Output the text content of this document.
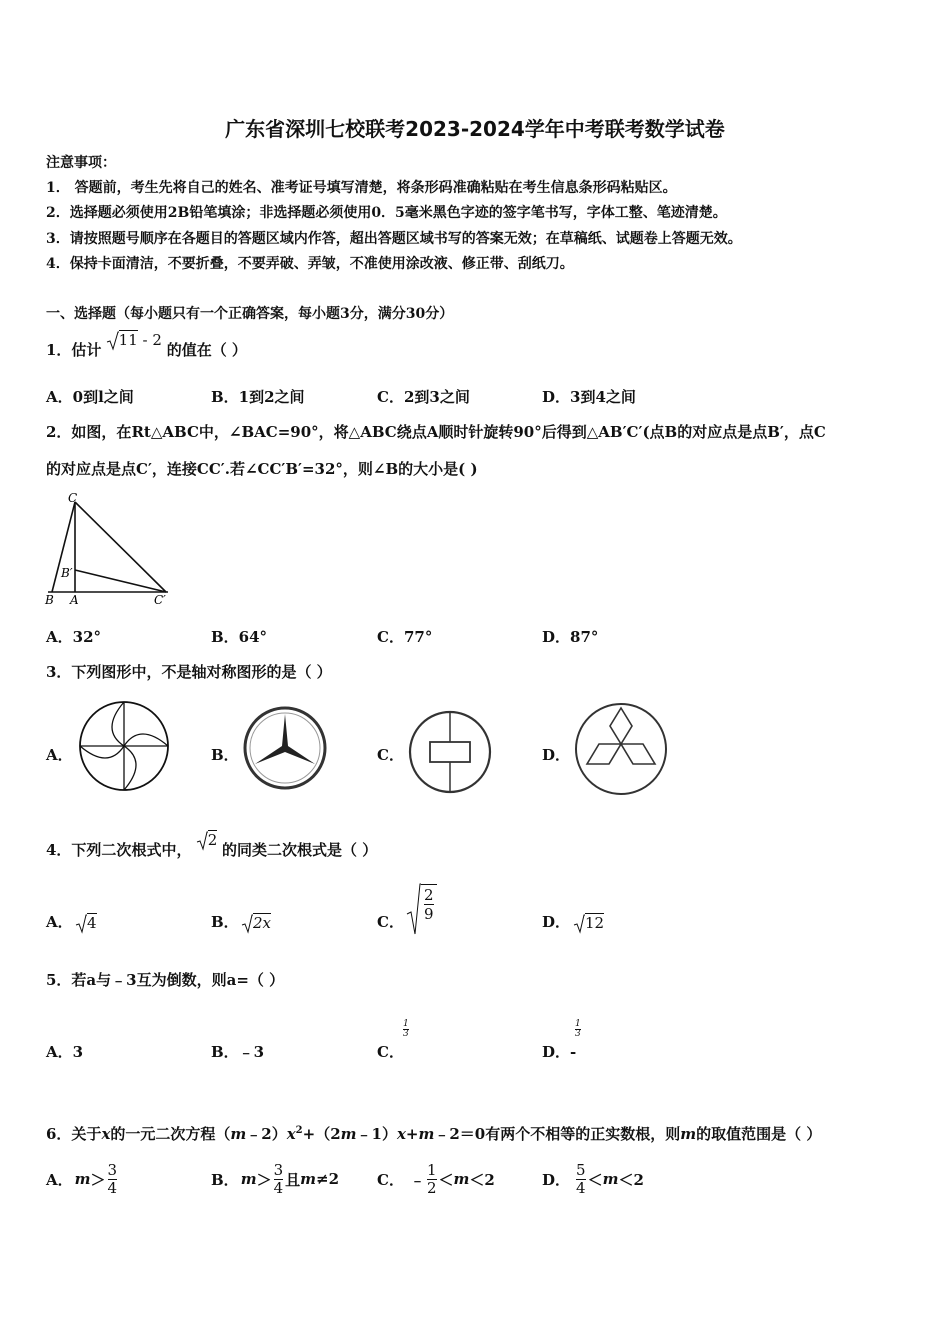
广东省深圳七校联考2023-2024学年中考联考数学试卷
注意事项：
1． 答题前，考生先将自己的姓名、准考证号填写清楚，将条形码准确粘贴在考生信息条形码粘贴区。
2．选择题必须使用2B铅笔填涂；非选择题必须使用0．5毫米黑色字迹的签字笔书写，字体工整、笔迹清楚。
3．请按照题号顺序在各题目的答题区域内作答，超出答题区域书写的答案无效；在草稿纸、试题卷上答题无效。
4．保持卡面清洁，不要折叠，不要弄破、弄皱，不准使用涂改液、修正带、刮纸刀。
一、选择题（每小题只有一个正确答案，每小题3分，满分30分）
1．估计 11 - 2 的值在（ ）
A．0到l之间	B．1到2之间	C．2到3之间	D．3到4之间
2．如图，在Rt△ABC中，∠BAC=90°，将△ABC绕点A顺时针旋转90°后得到△AB′C′(点B的对应点是点B′，点C
的对应点是点C′，连接CC′.若∠CC′B′=32°，则∠B的大小是( )
C
B′
B A	C′
A．32°	B．64°	C．77°	D．87°
3．下列图形中，不是轴对称图形的是（ ）
A．	B．	C．	D．
4．下列二次根式中， 2 的同类二次根式是（ ）
A． 4	B． 2x	C． $\frac{2}{9}$	D． 12
5．若a与﹣3互为倒数，则a=（ ）
A．3	B．﹣3	C．
$\frac{1}{3}$
D．-
$\frac{1}{3}$
6．关于x的一元二次方程$(m﹣2)x^2+(2m﹣1)x+m﹣2=0$有两个不相等的正实数根，则m的取值范围是（ ）
A． $m > \frac{3}{4}$	B． $m > \frac{3}{4}$ 且 m ≠2	C． ﹣ $\frac{1}{2} < m <2$	D． $\frac{5}{4} < m <2$
